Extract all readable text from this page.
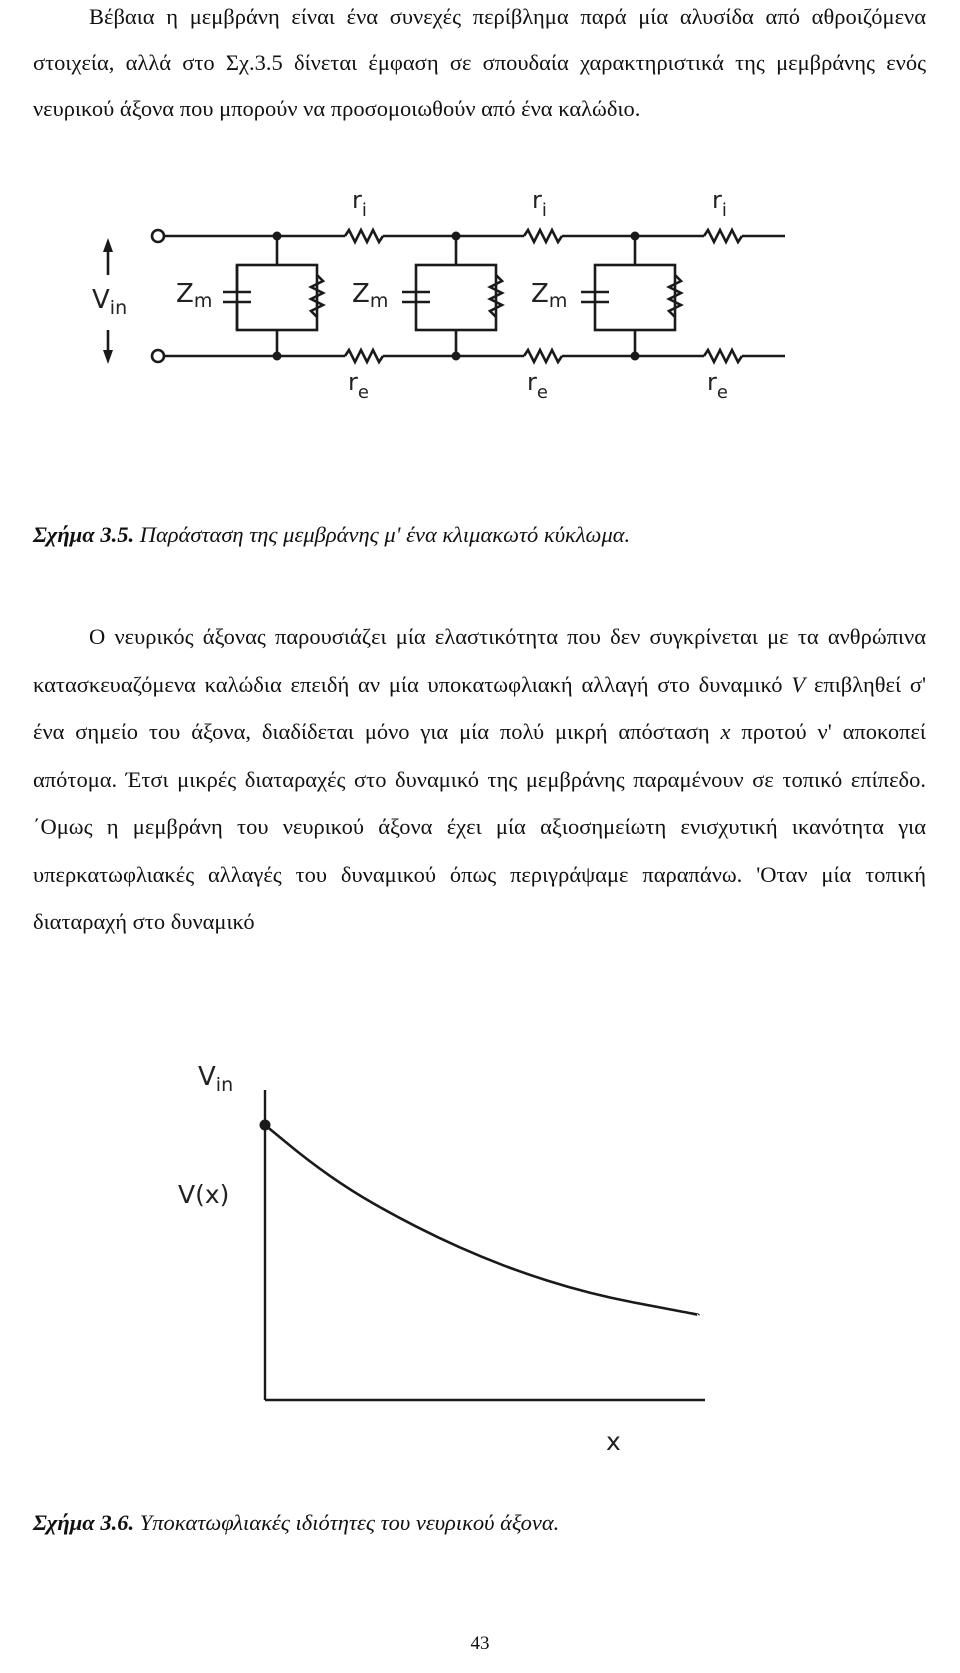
Βέβαια η μεμβράνη είναι ένα συνεχές περίβλημα παρά μία αλυσίδα από αθροιζόμενα στοιχεία, αλλά στο Σχ.3.5 δίνεται έμφαση σε σπουδαία χαρακτηριστικά της μεμβράνης ενός νευρικού άξονα που μπορούν να προσομοιωθούν από ένα καλώδιο.

$V_{in}$ Zm	Zm	Zm
$r_i$	$r_i$	$r_i$
$r_e$	$r_e$	$r_e$

Σχήμα 3.5. Παράσταση της μεμβράνης μ' ένα κλιμακωτό κύκλωμα.

Ο νευρικός άξονας παρουσιάζει μία ελαστικότητα που δεν συγκρίνεται με τα ανθρώπινα κατασκευαζόμενα καλώδια επειδή αν μία υποκατωφλιακή αλλαγή στο δυναμικό V επιβληθεί σ' ένα σημείο του άξονα, διαδίδεται μόνο για μία πολύ μικρή απόσταση x προτού ν' αποκοπεί απότομα. Έτσι μικρές διαταραχές στο δυναμικό της μεμβράνης παραμένουν σε τοπικό επίπεδο. ΄Ομως η μεμβράνη του νευρικού άξονα έχει μία αξιοσημείωτη ενισχυτική ικανότητα για υπερκατωφλιακές αλλαγές του δυναμικού όπως περιγράψαμε παραπάνω. 'Οταν μία τοπική διαταραχή στο δυναμικό

$V_{in}$
V(x)
x

Σχήμα 3.6. Υποκατωφλιακές ιδιότητες του νευρικού άξονα.

43
